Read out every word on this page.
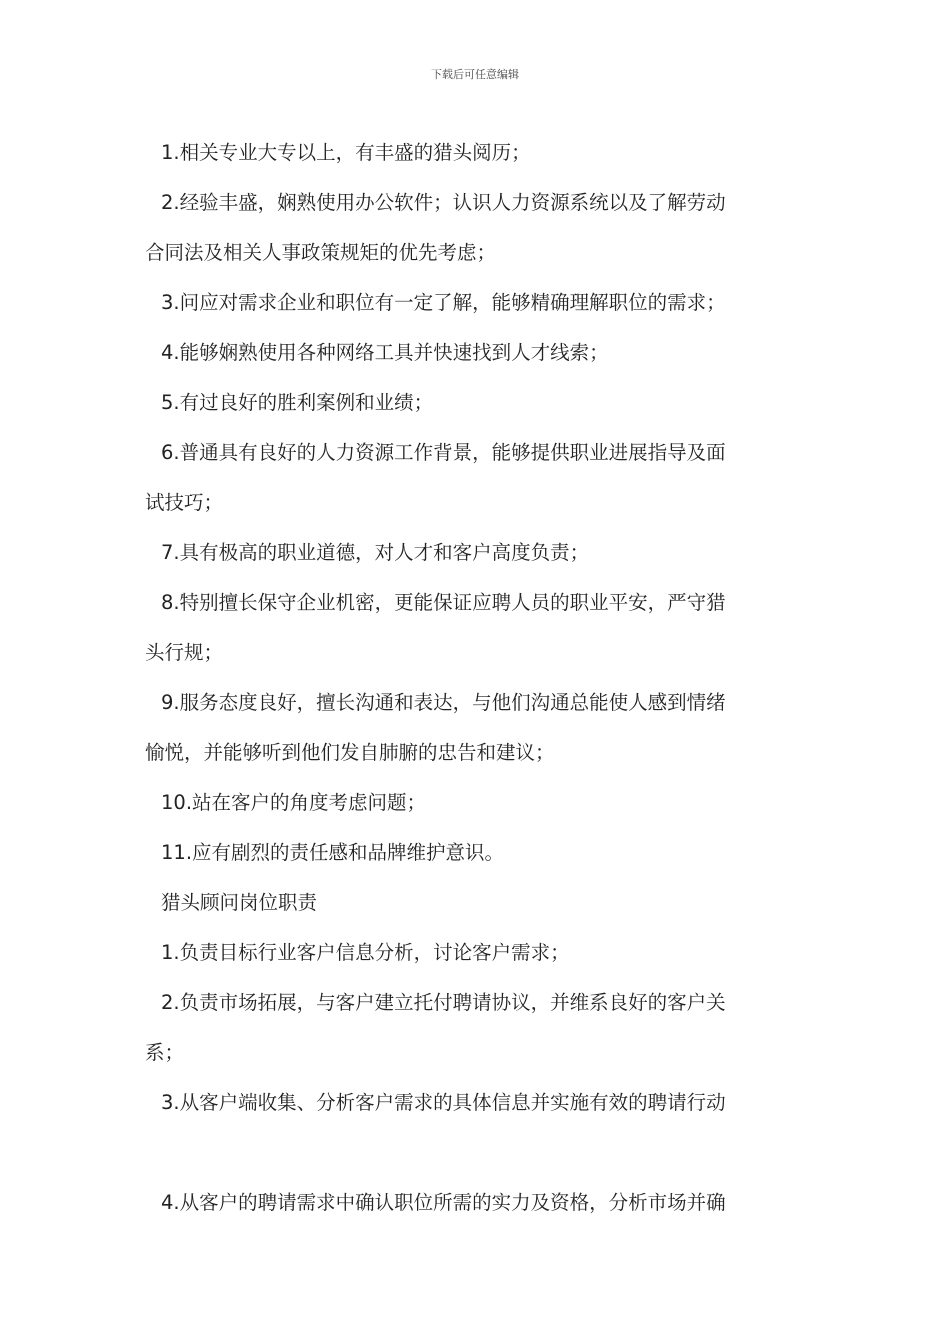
下载后可任意编辑

1.相关专业大专以上，有丰盛的猎头阅历；

2.经验丰盛，娴熟使用办公软件；认识人力资源系统以及了解劳动

合同法及相关人事政策规矩的优先考虑；

3.问应对需求企业和职位有一定了解，能够精确理解职位的需求；

4.能够娴熟使用各种网络工具并快速找到人才线索；

5.有过良好的胜利案例和业绩；

6.普通具有良好的人力资源工作背景，能够提供职业进展指导及面

试技巧；

7.具有极高的职业道德，对人才和客户高度负责；

8.特别擅长保守企业机密，更能保证应聘人员的职业平安，严守猎

头行规；

9.服务态度良好，擅长沟通和表达，与他们沟通总能使人感到情绪

愉悦，并能够听到他们发自肺腑的忠告和建议；

10.站在客户的角度考虑问题；

11.应有剧烈的责任感和品牌维护意识。

猎头顾问岗位职责

1.负责目标行业客户信息分析，讨论客户需求；

2.负责市场拓展，与客户建立托付聘请协议，并维系良好的客户关

系；

3.从客户端收集、分析客户需求的具体信息并实施有效的聘请行动

4.从客户的聘请需求中确认职位所需的实力及资格，分析市场并确
